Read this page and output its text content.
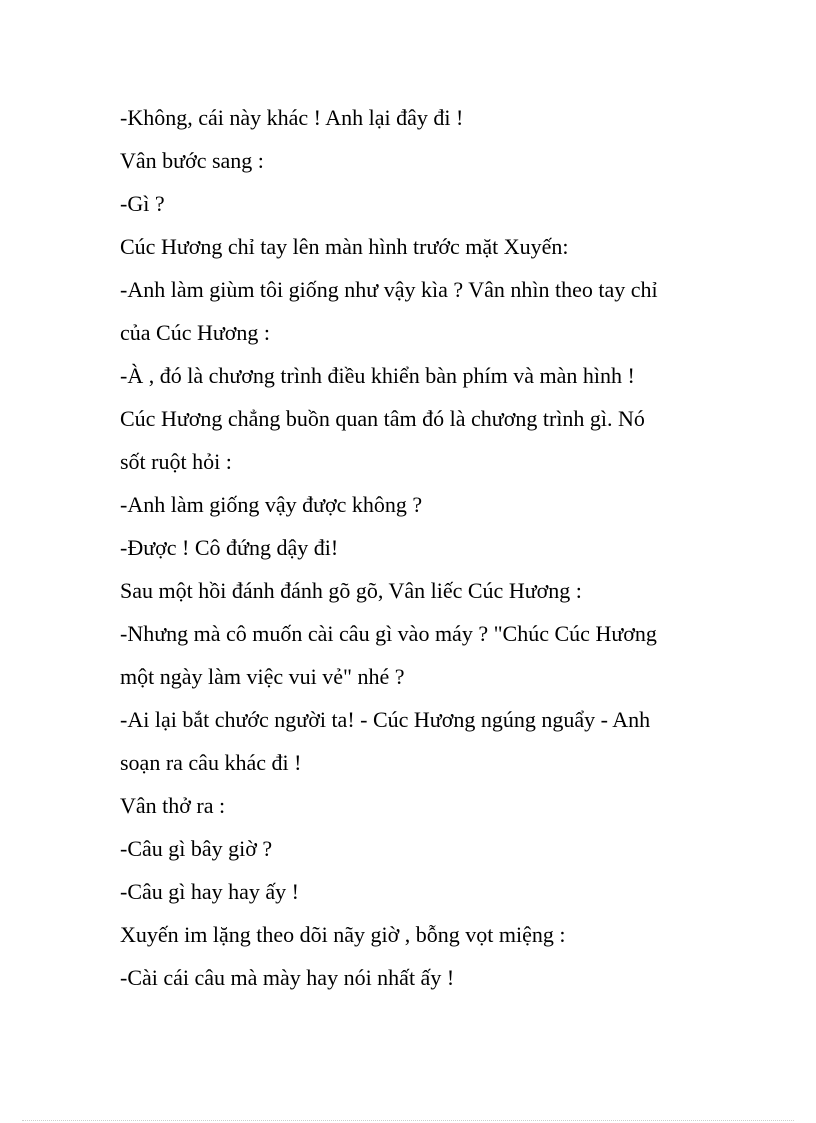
-Không, cái này khác ! Anh lại đây đi !
Vân bước sang :
-Gì ?
Cúc Hương chỉ tay lên màn hình trước mặt Xuyến:
-Anh làm giùm tôi giống như vậy kìa ? Vân nhìn theo tay chỉ
của Cúc Hương :
-À , đó là chương trình điều khiển bàn phím và màn hình !
Cúc Hương chẳng buồn quan tâm đó là chương trình gì. Nó
sốt ruột hỏi :
-Anh làm giống vậy được không ?
-Được ! Cô đứng dậy đi!
Sau một hồi đánh đánh gõ gõ, Vân liếc Cúc Hương :
-Nhưng mà cô muốn cài câu gì vào máy ? "Chúc Cúc Hương
một ngày làm việc vui vẻ" nhé ?
-Ai lại bắt chước người ta! - Cúc Hương ngúng nguẩy - Anh
soạn ra câu khác đi !
Vân thở ra :
-Câu gì bây giờ ?
-Câu gì hay hay ấy !
Xuyến im lặng theo dõi nãy giờ , bỗng vọt miệng :
-Cài cái câu mà mày hay nói nhất ấy !
